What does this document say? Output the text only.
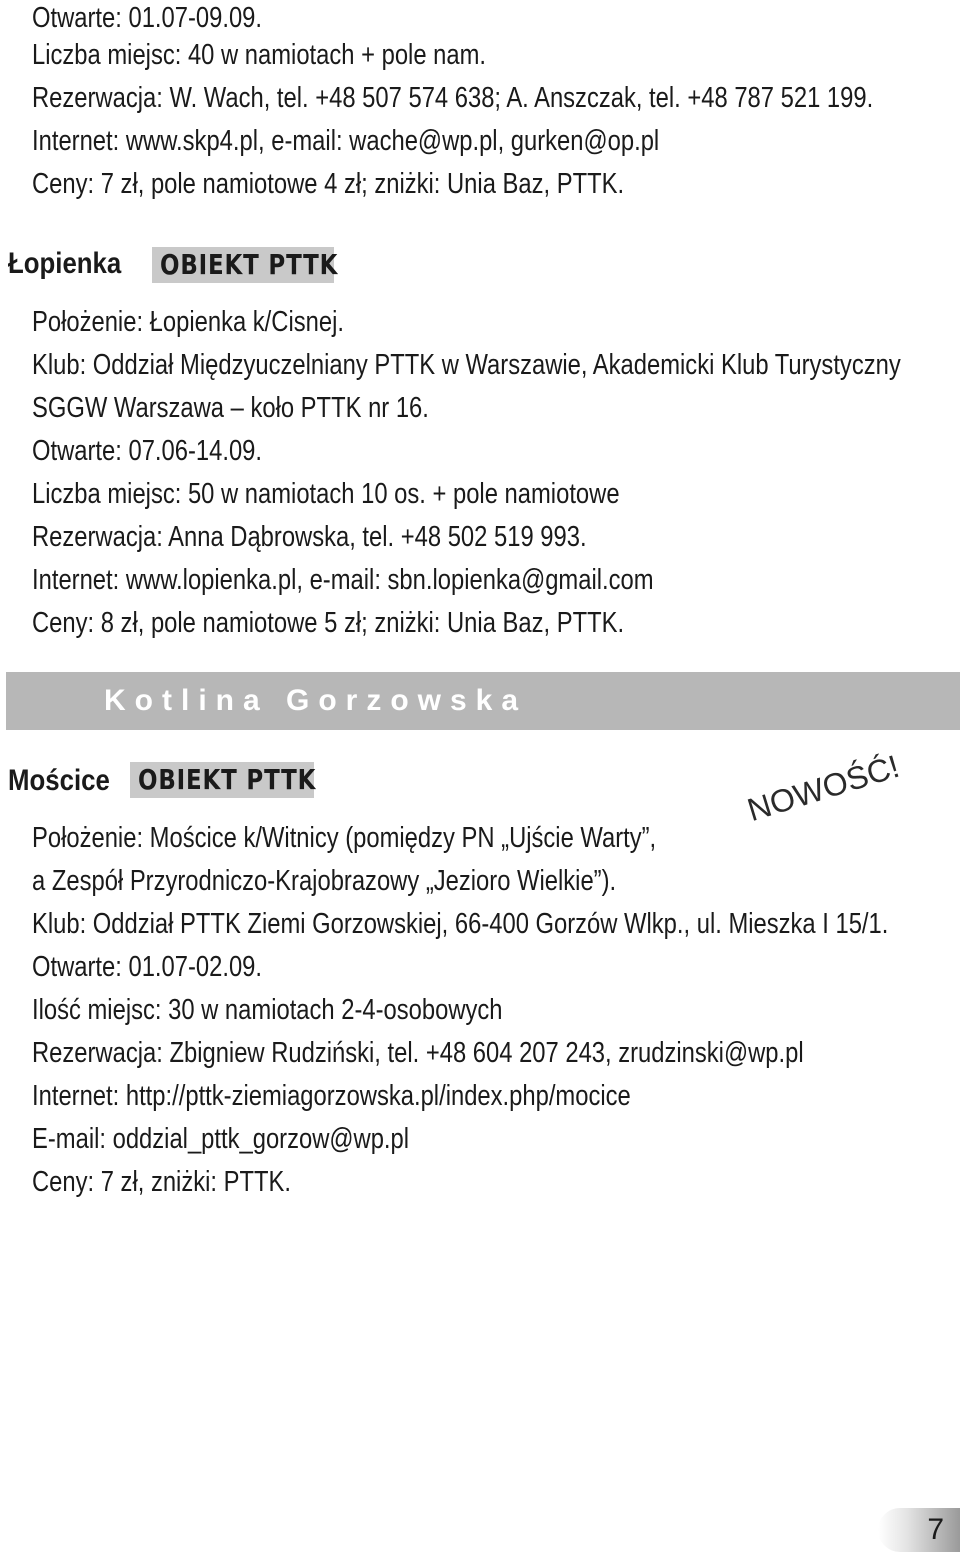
Otwarte: 01.07-09.09.
Liczba miejsc: 40 w namiotach + pole nam.
Rezerwacja: W. Wach, tel. +48 507 574 638; A. Anszczak, tel. +48 787 521 199.
Internet: www.skp4.pl, e-mail: wache@wp.pl, gurken@op.pl
Ceny: 7 zł, pole namiotowe 4 zł; zniżki: Unia Baz, PTTK.
Łopienka OBIEKT PTTK
Położenie: Łopienka k/Cisnej.
Klub: Oddział Międzyuczelniany PTTK w Warszawie, Akademicki Klub Turystyczny
SGGW Warszawa – koło PTTK nr 16.
Otwarte: 07.06-14.09.
Liczba miejsc: 50 w namiotach 10 os. + pole namiotowe
Rezerwacja: Anna Dąbrowska, tel. +48 502 519 993.
Internet: www.lopienka.pl, e-mail: sbn.lopienka@gmail.com
Ceny: 8 zł, pole namiotowe 5 zł; zniżki: Unia Baz, PTTK.
Kotlina Gorzowska
Mościce OBIEKT PTTK	NOWOŚĆ!
Położenie: Mościce k/Witnicy (pomiędzy PN „Ujście Warty”,
a Zespół Przyrodniczo-Krajobrazowy „Jezioro Wielkie”).
Klub: Oddział PTTK Ziemi Gorzowskiej, 66-400 Gorzów Wlkp., ul. Mieszka I 15/1.
Otwarte: 01.07-02.09.
Ilość miejsc: 30 w namiotach 2-4-osobowych
Rezerwacja: Zbigniew Rudziński, tel. +48 604 207 243, zrudzinski@wp.pl
Internet: http://pttk-ziemiagorzowska.pl/index.php/mocice
E-mail: oddzial_pttk_gorzow@wp.pl
Ceny: 7 zł, zniżki: PTTK.
7
